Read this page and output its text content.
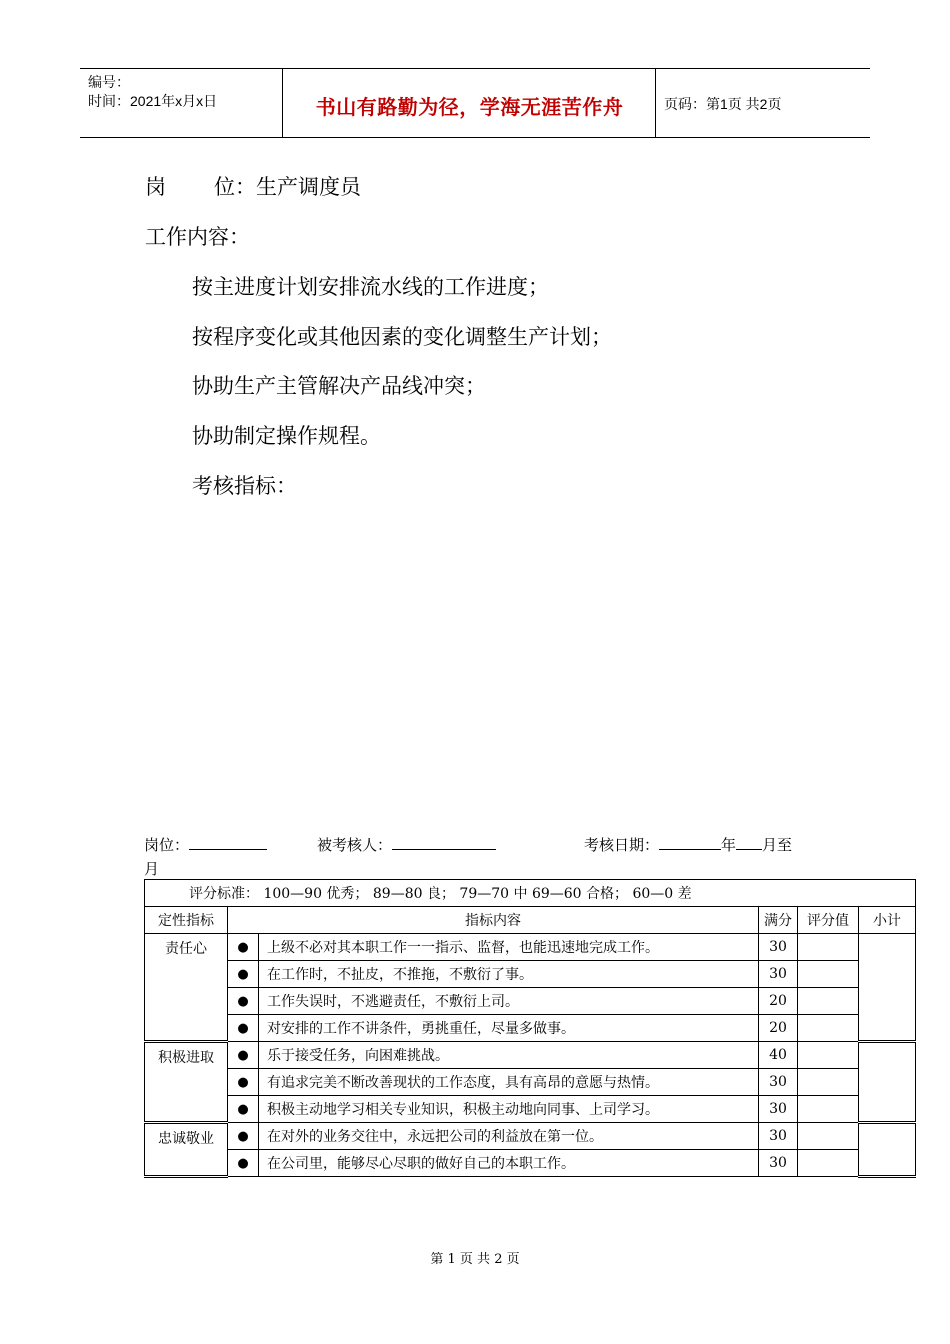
编号：
时间：2021年x月x日	书山有路勤为径，学海无涯苦作舟	页码：第1页 共2页
岗 位：生产调度员
工作内容：
按主进度计划安排流水线的工作进度；
按程序变化或其他因素的变化调整生产计划；
协助生产主管解决产品线冲突；
协助制定操作规程。
考核指标：
岗位：	被考核人：	考核日期：	年 月至
月
评分标准： 100—90 优秀； 89—80 良； 79—70 中 69—60 合格； 60—0 差					
定性指标	指标内容		满分	评分值	小计
责任心	●	上级不必对其本职工作一一指示、监督，也能迅速地完成工作。	30		
	●	在工作时，不扯皮，不推拖，不敷衍了事。	30		
	●	工作失误时，不逃避责任，不敷衍上司。	20		
	●	对安排的工作不讲条件，勇挑重任，尽量多做事。	20		
积极进取	●	乐于接受任务，向困难挑战。	40		
	●	有追求完美不断改善现状的工作态度，具有高昂的意愿与热情。	30		
	●	积极主动地学习相关专业知识，积极主动地向同事、上司学习。	30		
忠诚敬业	●	在对外的业务交往中，永远把公司的利益放在第一位。	30		
	●	在公司里，能够尽心尽职的做好自己的本职工作。	30		
第 1 页 共 2 页
